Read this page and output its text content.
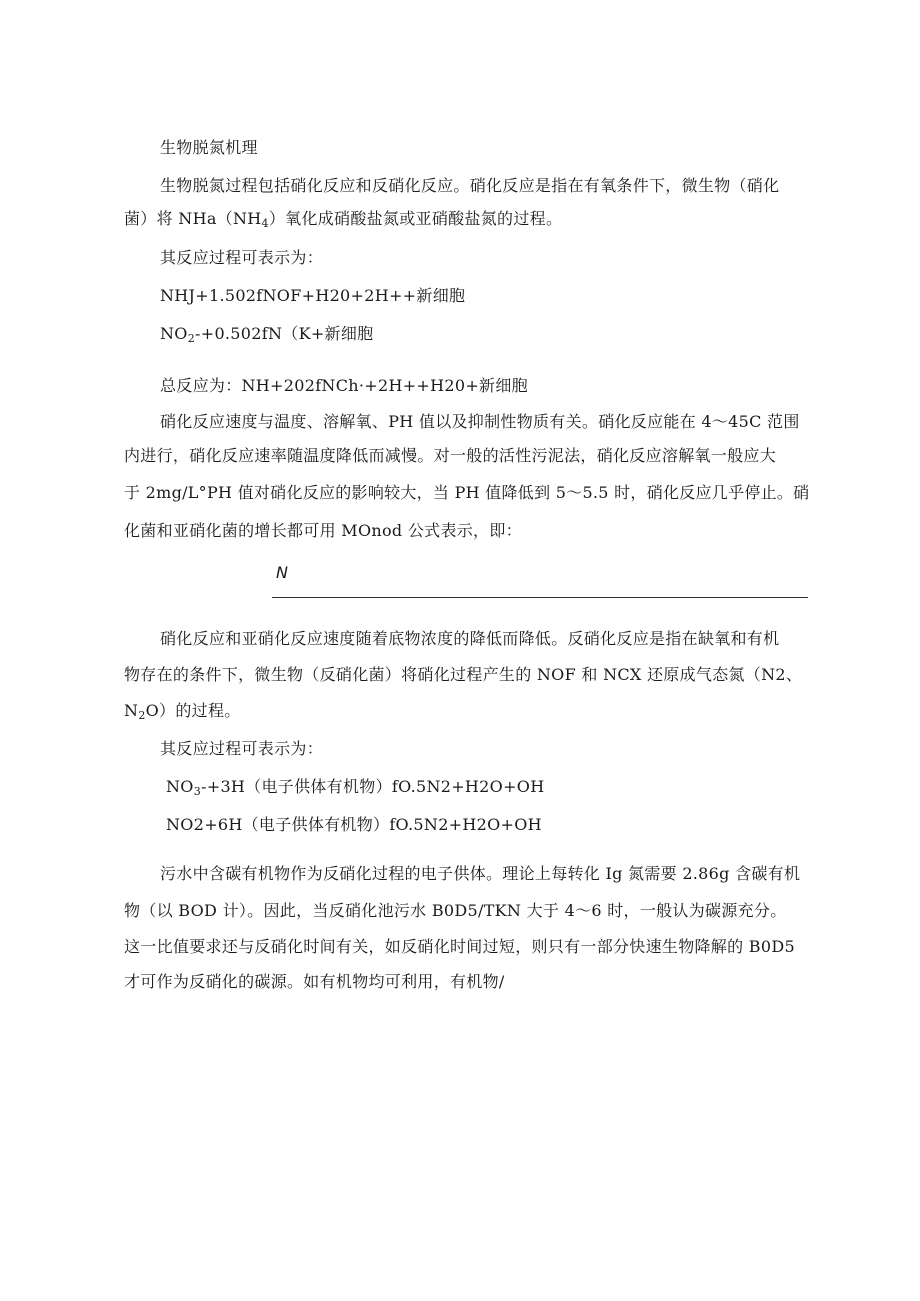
生物脱氮机理
生物脱氮过程包括硝化反应和反硝化反应。硝化反应是指在有氧条件下，微生物（硝化
菌）将 $NHa(NH_4)$氧化成硝酸盐氮或亚硝酸盐氮的过程。
其反应过程可表示为：
NHJ+1.502fNOF+H20+2H++新细胞
$NO_2-+0.502fN(K+$新细胞
总反应为：NH+202fNCh·+2H++H20+新细胞
硝化反应速度与温度、溶解氧、PH 值以及抑制性物质有关。硝化反应能在 4～45C 范围
内进行，硝化反应速率随温度降低而减慢。对一般的活性污泥法，硝化反应溶解氧一般应大
于 2mg/L°PH 值对硝化反应的影响较大，当 PH 值降低到 5～5.5 时，硝化反应几乎停止。硝
化菌和亚硝化菌的增长都可用 MOnod 公式表示，即：
N
硝化反应和亚硝化反应速度随着底物浓度的降低而降低。反硝化反应是指在缺氧和有机
物存在的条件下，微生物（反硝化菌）将硝化过程产生的 NOF 和 NCX 还原成气态氮（N2、
$N_2O$）的过程。
其反应过程可表示为：
$NO_3-+3H$（电子供体有机物）fO.5N2+H2O+OH
NO2+6H（电子供体有机物）fO.5N2+H2O+OH
污水中含碳有机物作为反硝化过程的电子供体。理论上每转化 Ig 氮需要 2.86g 含碳有机
物（以 BOD 计）。因此，当反硝化池污水 B0D5/TKN 大于 4～6 时，一般认为碳源充分。
这一比值要求还与反硝化时间有关，如反硝化时间过短，则只有一部分快速生物降解的 B0D5
才可作为反硝化的碳源。如有机物均可利用，有机物/
